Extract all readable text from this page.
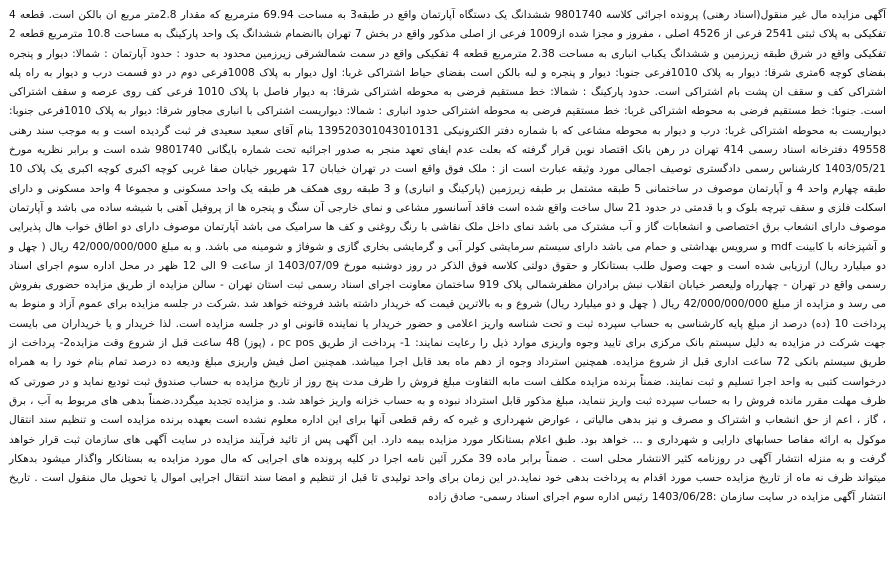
آگهی مزایده مال غیر منقول(اسناد رهنی) پرونده اجرائی کلاسه 9801740 ششدانگ یک دستگاه آپارتمان واقع در طبقه3 به مساحت 69.94 مترمربع که مقدار 2.8متر مربع ان بالکن است. قطعه 4 تفکیکی به پلاک ثبتی 2541 فرعی از 4526 اصلی ، مفروز و مجزا شده از1009 فرعی از اصلی مذکور واقع در بخش 7 تهران باانضمام ششدانگ یک واحد پارکینگ به مساحت 10.8 مترمربع قطعه 2 تفکیکی واقع در شرق طبقه زیرزمین و ششدانگ یکباب انباری به مساحت 2.38 مترمربع قطعه 4 تفکیکی واقع در سمت شمالشرقی زیرزمین محدود به حدود : حدود آپارتمان : شمالا: دیوار و پنجره بفضای کوچه 6متری شرقا: دیوار به پلاک 1010فرعی جنوبا: دیوار و پنجره و لبه بالکن است بفضای حیاط اشتراکی غربا: اول دیوار به پلاک 1008فرعی دوم در دو قسمت درب و دیوار به راه پله اشتراکی کف و سقف ان پشت بام اشتراکی است. حدود پارکینگ : شمالا: خط مستقیم فرضی به محوطه اشتراکی شرقا: به دیوار فاصل با پلاک 1010 فرعی کف روی عرصه و سقف اشتراکی است. جنوبا: خط مستقیم فرضی به محوطه اشتراکی غربا: خط مستقیم فرضی به محوطه اشتراکی حدود انباری : شمالا: دیواریست اشتراکی با انباری مجاور شرقا: دیوار به پلاک 1010فرعی جنوبا: دیواریست به محوطه اشتراکی غربا: درب و دیوار به محوطه مشاعی که با شماره دفتر الکترونیکی 139520301043010131 بنام آقای سعید سعیدی فر ثبت گردیده است و به موجب سند رهنی 49558 دفترخانه اسناد رسمی 414 تهران در رهن بانک اقتصاد نوین قرار گرفته که بعلت عدم ایفای تعهد منجر به صدور اجرائیه تحت شماره بایگانی 9801740 شده است و برابر نظریه مورخ 1403/05/21 کارشناس رسمی دادگستری توصیف اجمالی مورد وثیقه عبارت است از : ملک فوق واقع است در تهران خیابان 17 شهریور خیابان صفا غربی کوچه اکبری کوچه اکبری یک پلاک 10 طبقه چهارم واحد 4 و آپارتمان موصوف در ساختمانی 5 طبقه مشتمل بر طبقه زیرزمین (پارکینگ و انباری) و 3 طبقه روی همکف هر طبقه یک واحد مسکونی و مجموعا 4 واحد مسکونی و دارای اسکلت فلزی و سقف تیرچه بلوک و با قدمتی در حدود 21 سال ساخت واقع شده است فاقد آسانسور مشاعی و نمای خارجی آن سنگ و پنجره ها از پروفیل آهنی با شیشه ساده می باشد و آپارتمان موصوف دارای انشعاب برق اختصاصی و انشعابات گاز و آب مشترک می باشد نمای داخل ملک نقاشی با رنگ روغنی و کف ها سرامیک می باشد آپارتمان موصوف دارای دو اطاق خواب هال پذیرایی و آشپزخانه با کابینت mdf و سرویس بهداشتی و حمام می باشد دارای سیستم سرمایشی کولر آبی و گرمایشی بخاری گازی و شوفاژ و شومینه می باشد. و به مبلغ 42/000/000/000 ریال ( چهل و دو میلیارد ریال) ارزیابی شده است و جهت وصول طلب بستانکار و حقوق دولتی کلاسه فوق الذکر در روز دوشنبه مورخ 1403/07/09 از ساعت 9 الی 12 ظهر در محل اداره سوم اجرای اسناد رسمی واقع در تهران - چهارراه ولیعصر خیابان انقلاب نبش برادران مظفرشمالی پلاک 919 ساختمان معاونت اجرای اسناد رسمی ثبت استان تهران - سالن مزایده از طریق مزایده حضوری بفروش می رسد و مزایده از مبلغ 42/000/000/000 ریال ( چهل و دو میلیارد ریال) شروع و به بالاترین قیمت که خریدار داشته باشد فروخته خواهد شد .شرکت در جلسه مزایده برای عموم آزاد و منوط به پرداخت 10 (ده) درصد از مبلغ پایه کارشناسی به حساب سپرده ثبت و تحت شناسه واریز اعلامی و حضور خریدار یا نماینده قانونی او در جلسه مزایده است. لذا خریدار و یا خریداران می بایست جهت شرکت در مزایده به دلیل سیستم بانک مرکزی برای تایید وجوه واریزی موارد ذیل را رعایت نمایند: 1- پرداخت از طریق pc pos ، (پوز) 48 ساعت قبل از شروع وقت مزایده2- پرداخت از طریق سیستم بانکی 72 ساعت اداری قبل از شروع مزایده. همچنین استرداد وجوه از دهم ماه بعد قابل اجرا میباشد. همچنین اصل فیش واریزی مبلغ ودیعه ده درصد تمام بنام خود را به همراه درخواست کتبی به واحد اجرا تسلیم و ثبت نمایند. ضمناً برنده مزایده مکلف است مابه التفاوت مبلغ فروش را ظرف مدت پنج روز از تاریخ مزایده به حساب صندوق ثبت تودیع نماید و در صورتی که ظرف مهلت مقرر مانده فروش را به حساب سپرده ثبت واریز ننماید، مبلغ مذکور قابل استرداد نبوده و به حساب خزانه واریز خواهد شد. و مزایده تجدید میگردد.ضمناً بدهی های مربوط به آب ، برق ، گاز ، اعم از حق انشعاب و اشتراک و مصرف و نیز بدهی مالیاتی ، عوارض شهرداری و غیره که رقم قطعی آنها برای این اداره معلوم نشده است بعهده برنده مزایده است و تنظیم سند انتقال موکول به ارائه مفاصا حسابهای دارایی و شهرداری و ... خواهد بود. طبق اعلام بستانکار مورد مزایده بیمه دارد. این آگهی پس از تائید فرآیند مزایده در سایت آگهی های سازمان ثبت قرار خواهد گرفت و به منزله انتشار آگهی در روزنامه کثیر الانتشار محلی است . ضمناً برابر ماده 39 مکرر آئین نامه اجرا در کلیه پرونده های اجرایی که مال مورد مزایده به بستانکار واگذار میشود بدهکار میتواند ظرف نه ماه از تاریخ مزایده حسب مورد اقدام به پرداخت بدهی خود نماید.در این زمان برای واحد تولیدی تا قبل از تنظیم و امضا سند انتقال اجرایی اموال یا تحویل مال منقول است . تاریخ انتشار آگهی مزایده در سایت سازمان :1403/06/28 رئیس اداره سوم اجرای اسناد رسمی- صادق زاده
